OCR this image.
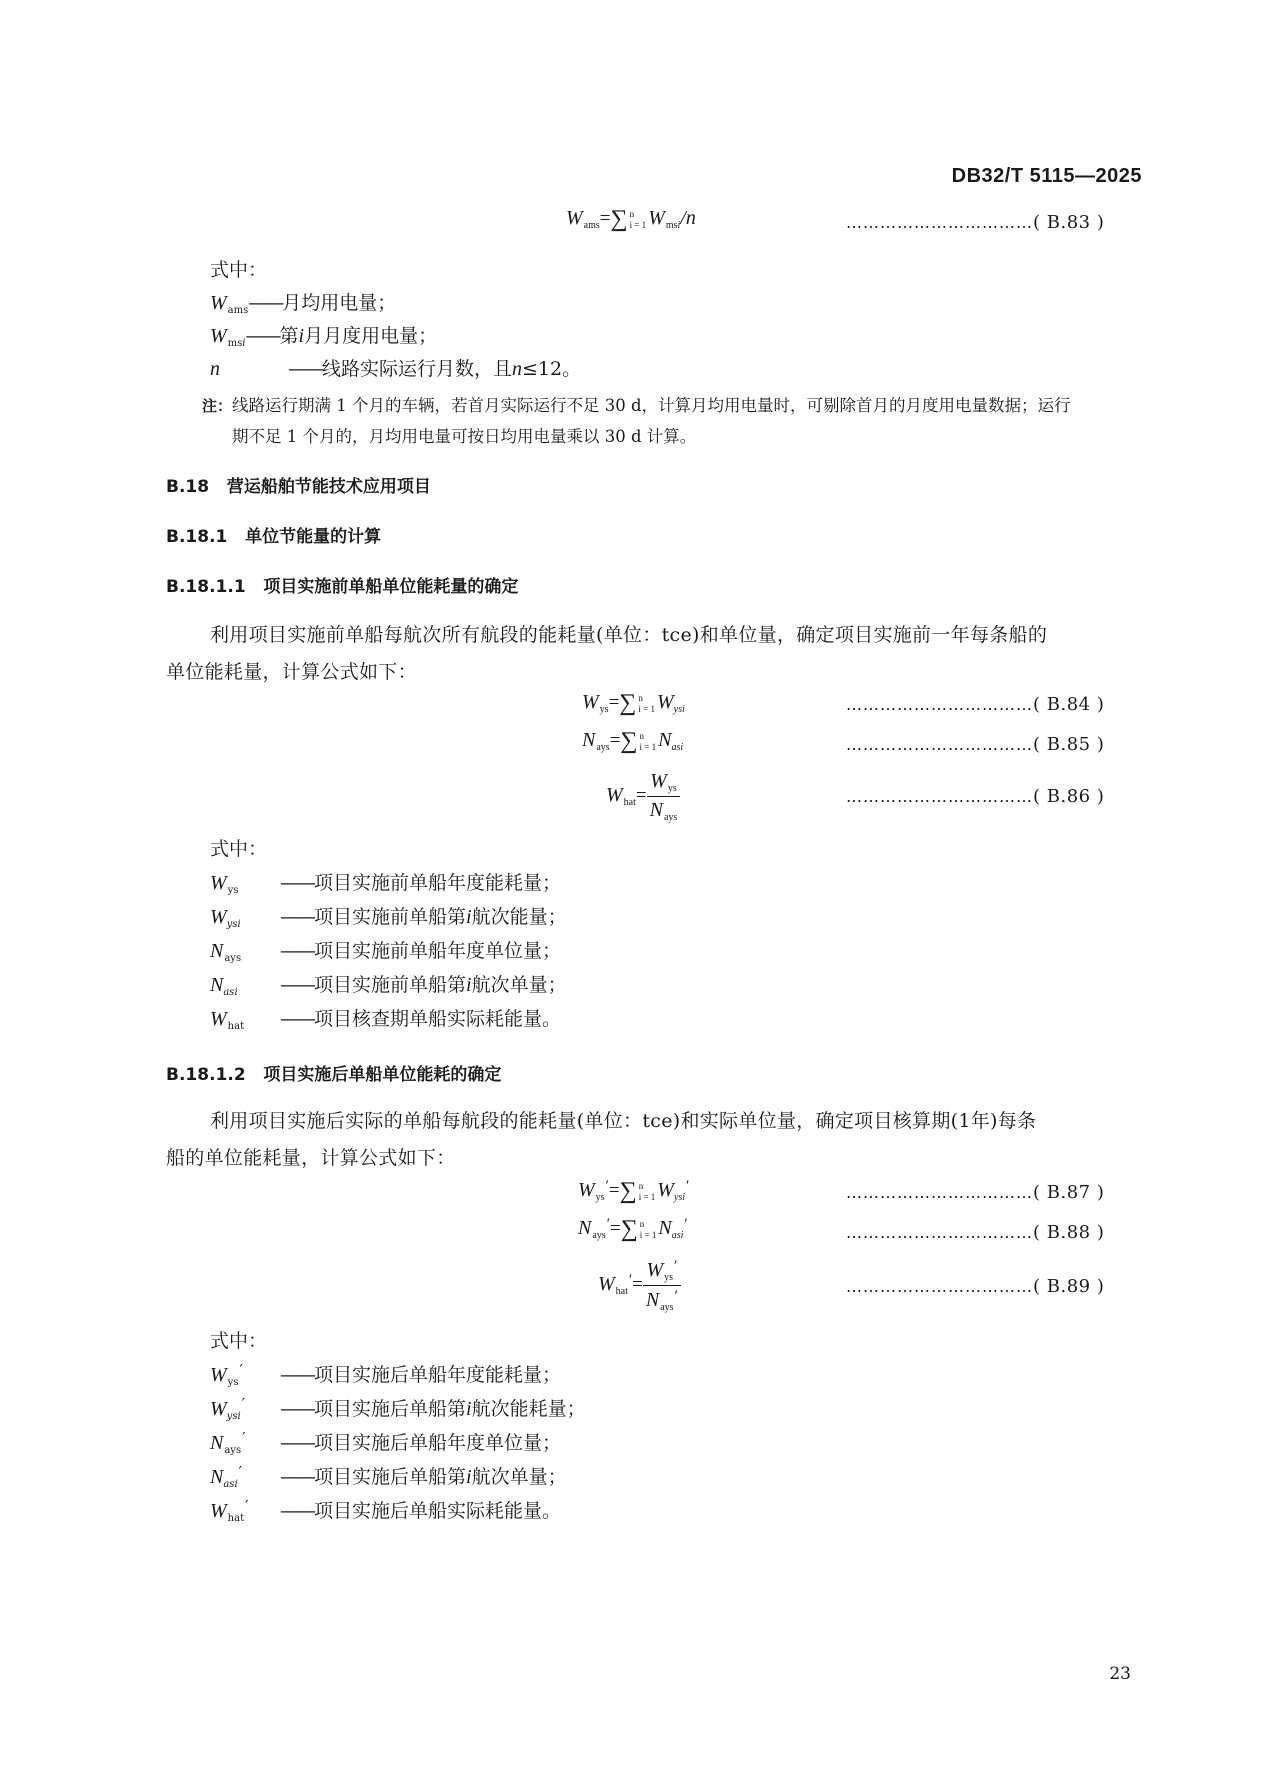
DB32/T 5115—2025
$W_{ams}=\sum$ n
i = 1 $W_{msi}/n$	……………………………( B.83 )
式中：
$W_{ams}——$月均用电量；
$W_{msi}——$第i月月度用电量；
n	——线路实际运行月数，且n≤12。
注：线路运行期满 1 个月的车辆，若首月实际运行不足 30 d，计算月均用电量时，可剔除首月的月度用电量数据；运行
期不足 1 个月的，月均用电量可按日均用电量乘以 30 d 计算。
B.18 营运船舶节能技术应用项目
B.18.1 单位节能量的计算
B.18.1.1 项目实施前单船单位能耗量的确定
利用项目实施前单船每航次所有航段的能耗量(单位：tce)和单位量，确定项目实施前一年每条船的
单位能耗量，计算公式如下：
$W_{ys}=\sum$ n
i = 1 $W_{ysi}$	……………………………( B.84 )
$N_{ays}=\sum$ n
i = 1 $N_{asi}$	……………………………( B.85 )
$W_{hat}= \frac{W_{ys}}{N_{ays}}$	……………………………( B.86 )
式中：
$W_{ys}$ ——项目实施前单船年度能耗量；
$W_{ysi}$ ——项目实施前单船第i航次能量；
$N_{ays}$ ——项目实施前单船年度单位量；
$N_{asi}$ ——项目实施前单船第i航次单量；
$W_{hat}$ ——项目核查期单船实际耗能量。
B.18.1.2 项目实施后单船单位能耗的确定
利用项目实施后实际的单船每航段的能耗量(单位：tce)和实际单位量，确定项目核算期(1年)每条
船的单位能耗量，计算公式如下：
$W_{ys}'=\sum$ n
i = 1 $W_{ysi}'$	……………………………( B.87 )
$N_{ays}'=\sum$ n
i = 1 $N_{asi}'$	……………………………( B.88 )
$W_{hat}'= \frac{W_{ys}'}{N_{ays}'}$	……………………………( B.89 )
式中：
$W_{ys}'$ ——项目实施后单船年度能耗量；
$W_{ysi}'$ ——项目实施后单船第i航次能耗量；
$N_{ays}'$ ——项目实施后单船年度单位量；
$N_{asi}'$ ——项目实施后单船第i航次单量；
$W_{hat}'$ ——项目实施后单船实际耗能量。
23
